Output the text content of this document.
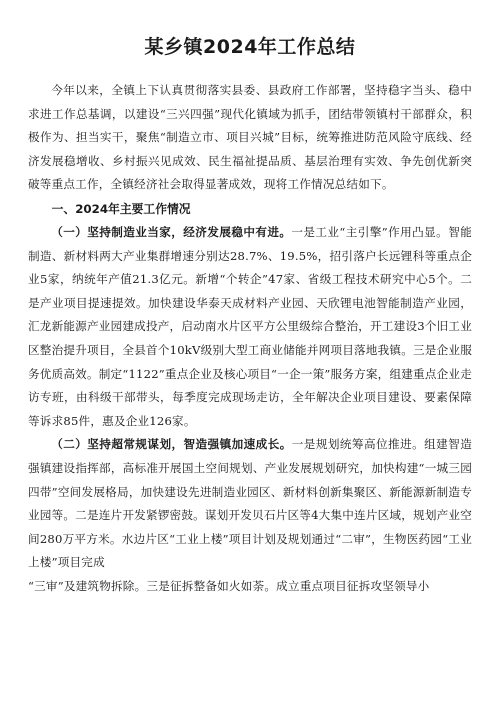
某乡镇2024年工作总结

今年以来，全镇上下认真贯彻落实县委、县政府工作部署，坚持稳字当头、稳中求进工作总基调，以建设“三兴四强”现代化镇域为抓手，团结带领镇村干部群众，积极作为、担当实干，聚焦“制造立市、项目兴城”目标，统筹推进防范风险守底线、经济发展稳增收、乡村振兴见成效、民生福祉提品质、基层治理有实效、争先创优新突破等重点工作，全镇经济社会取得显著成效，现将工作情况总结如下。

一、2024年主要工作情况

（一）坚持制造业当家，经济发展稳中有进。一是工业“主引擎”作用凸显。智能制造、新材料两大产业集群增速分别达28.7%、19.5%，招引落户长远锂科等重点企业5家，纳统年产值21.3亿元。新增“个转企”47家、省级工程技术研究中心5个。二是产业项目提速提效。加快建设华泰天成材料产业园、天欣锂电池智能制造产业园，汇龙新能源产业园建成投产，启动南水片区平方公里级综合整治，开工建设3个旧工业区整治提升项目，全县首个10kV级别大型工商业储能并网项目落地我镇。三是企业服务优质高效。制定“1122”重点企业及核心项目“一企一策”服务方案，组建重点企业走访专班，由科级干部带头，每季度完成现场走访，全年解决企业项目建设、要素保障等诉求85件，惠及企业126家。

（二）坚持超常规谋划，智造强镇加速成长。一是规划统筹高位推进。组建智造强镇建设指挥部，高标准开展国土空间规划、产业发展规划研究，加快构建“一城三园四带”空间发展格局，加快建设先进制造业园区、新材料创新集聚区、新能源新制造专业园等。二是连片开发紧锣密鼓。谋划开发贝石片区等4大集中连片区域，规划产业空间280万平方米。水边片区“工业上楼”项目计划及规划通过“二审”，生物医药园“工业上楼”项目完成

“三审”及建筑物拆除。三是征拆整备如火如荼。成立重点项目征拆攻坚领导小
